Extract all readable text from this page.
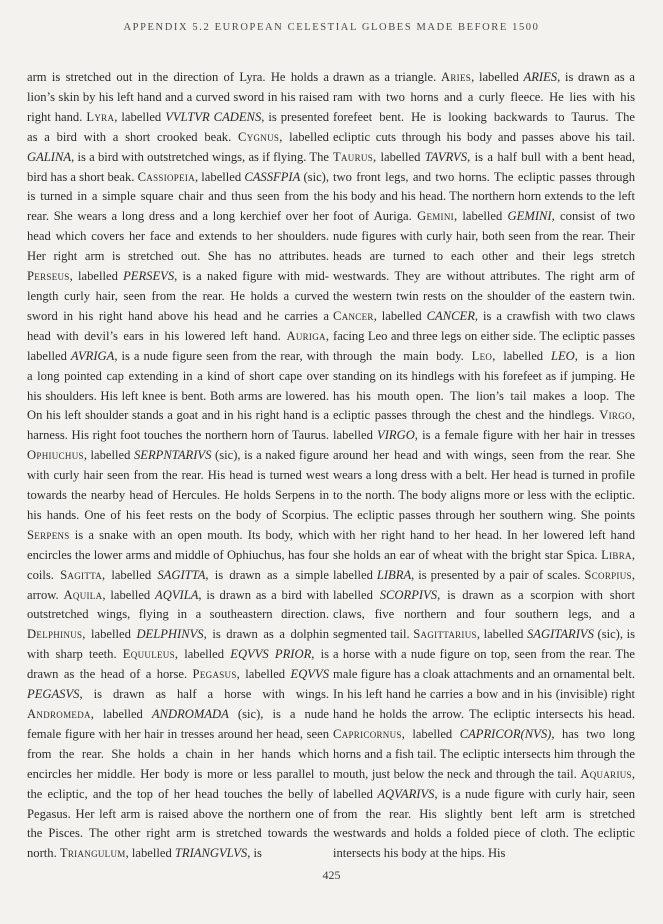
APPENDIX 5.2 EUROPEAN CELESTIAL GLOBES MADE BEFORE 1500

arm is stretched out in the direction of Lyra. He holds a lion’s skin by his left hand and a curved sword in his raised right hand. Lyra, labelled VVLTVR CADENS, is presented as a bird with a short crooked beak. Cygnus, labelled GALINA, is a bird with outstretched wings, as if flying. The bird has a short beak. Cassiopeia, labelled CASSFPIA (sic), is turned in a simple square chair and thus seen from the rear. She wears a long dress and a long kerchief over her head which covers her face and extends to her shoulders. Her right arm is stretched out. She has no attributes. Perseus, labelled PERSEVS, is a naked figure with mid-length curly hair, seen from the rear. He holds a curved sword in his right hand above his head and he carries a head with devil’s ears in his lowered left hand. Auriga, labelled AVRIGA, is a nude figure seen from the rear, with a long pointed cap extending in a kind of short cape over his shoulders. His left knee is bent. Both arms are lowered. On his left shoulder stands a goat and in his right hand is a harness. His right foot touches the northern horn of Taurus. Ophiuchus, labelled SERPNTARIVS (sic), is a naked figure with curly hair seen from the rear. His head is turned west towards the nearby head of Hercules. He holds Serpens in his hands. One of his feet rests on the body of Scorpius. Serpens is a snake with an open mouth. Its body, which encircles the lower arms and middle of Ophiuchus, has four coils. Sagitta, labelled SAGITTA, is drawn as a simple arrow. Aquila, labelled AQVILA, is drawn as a bird with outstretched wings, flying in a southeastern direction. Delphinus, labelled DELPHINVS, is drawn as a dolphin with sharp teeth. Equuleus, labelled EQVVS PRIOR, is drawn as the head of a horse. Pegasus, labelled EQVVS PEGASVS, is drawn as half a horse with wings. Andromeda, labelled ANDROMADA (sic), is a nude female figure with her hair in tresses around her head, seen from the rear. She holds a chain in her hands which encircles her middle. Her body is more or less parallel to the ecliptic, and the top of her head touches the belly of Pegasus. Her left arm is raised above the northern one of the Pisces. The other right arm is stretched towards the north. Triangulum, labelled TRIANGVLVS, is

drawn as a triangle. Aries, labelled ARIES, is drawn as a ram with two horns and a curly fleece. He lies with his forefeet bent. He is looking backwards to Taurus. The ecliptic cuts through his body and passes above his tail. Taurus, labelled TAVRVS, is a half bull with a bent head, two front legs, and two horns. The ecliptic passes through his body and his head. The northern horn extends to the left foot of Auriga. Gemini, labelled GEMINI, consist of two nude figures with curly hair, both seen from the rear. Their heads are turned to each other and their legs stretch westwards. They are without attributes. The right arm of the western twin rests on the shoulder of the eastern twin. Cancer, labelled CANCER, is a crawfish with two claws facing Leo and three legs on either side. The ecliptic passes through the main body. Leo, labelled LEO, is a lion standing on its hindlegs with his forefeet as if jumping. He has his mouth open. The lion’s tail makes a loop. The ecliptic passes through the chest and the hindlegs. Virgo, labelled VIRGO, is a female figure with her hair in tresses around her head and with wings, seen from the rear. She wears a long dress with a belt. Her head is turned in profile to the north. The body aligns more or less with the ecliptic. The ecliptic passes through her southern wing. She points with her right hand to her head. In her lowered left hand she holds an ear of wheat with the bright star Spica. Libra, labelled LIBRA, is presented by a pair of scales. Scorpius, labelled SCORPIVS, is drawn as a scorpion with short claws, five northern and four southern legs, and a segmented tail. Sagittarius, labelled SAGITARIVS (sic), is a horse with a nude figure on top, seen from the rear. The male figure has a cloak attachments and an ornamental belt. In his left hand he carries a bow and in his (invisible) right hand he holds the arrow. The ecliptic intersects his head. Capricornus, labelled CAPRICOR(NVS), has two long horns and a fish tail. The ecliptic intersects him through the mouth, just below the neck and through the tail. Aquarius, labelled AQVARIVS, is a nude figure with curly hair, seen from the rear. His slightly bent left arm is stretched westwards and holds a folded piece of cloth. The ecliptic intersects his body at the hips. His

425
